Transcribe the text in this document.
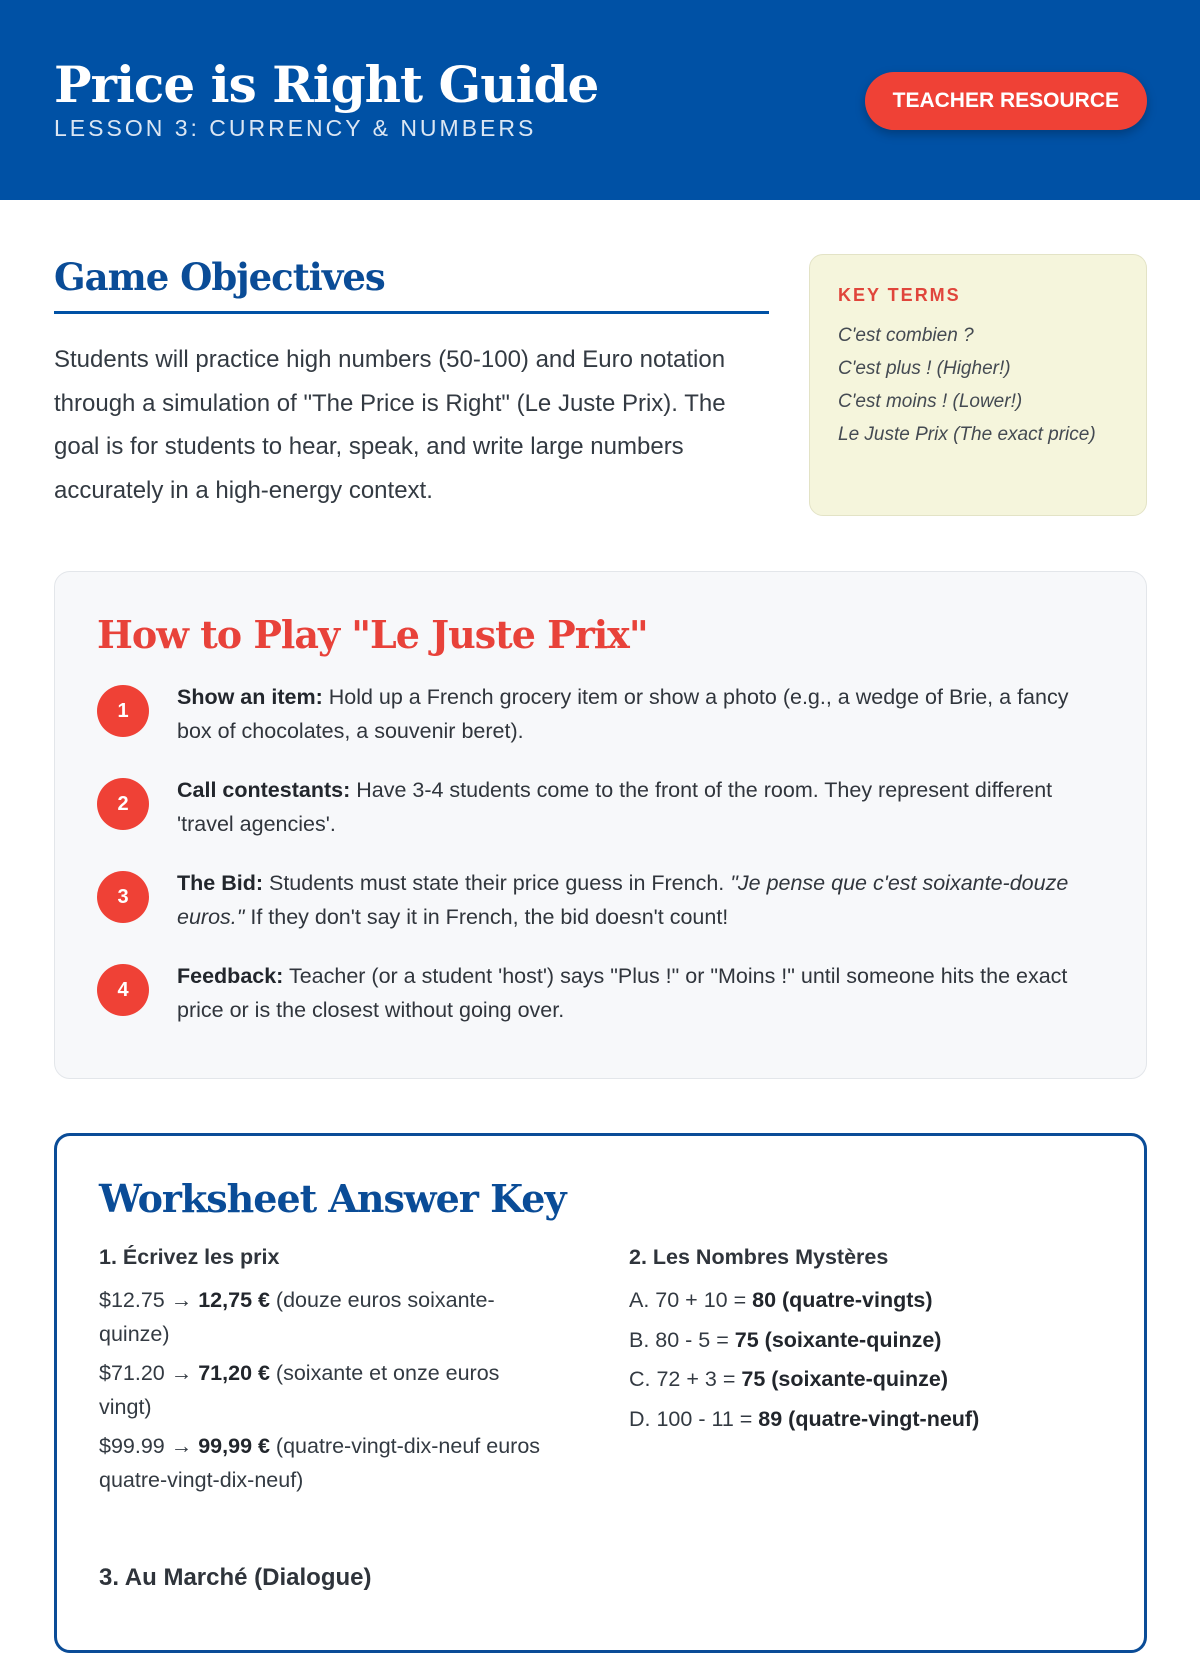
Price is Right Guide
LESSON 3: CURRENCY & NUMBERS
TEACHER RESOURCE
Game Objectives

Students will practice high numbers (50-100) and Euro notation through a simulation of "The Price is Right" (Le Juste Prix). The goal is for students to hear, speak, and write large numbers accurately in a high-energy context.

KEY TERMS
C'est combien ?
C'est plus ! (Higher!)
C'est moins ! (Lower!)
Le Juste Prix (The exact price)
How to Play "Le Juste Prix"
1
Show an item: Hold up a French grocery item or show a photo (e.g., a wedge of Brie, a fancy box of chocolates, a souvenir beret).
2
Call contestants: Have 3-4 students come to the front of the room. They represent different 'travel agencies'.
3
The Bid: Students must state their price guess in French. "Je pense que c'est soixante-douze euros." If they don't say it in French, the bid doesn't count!
4
Feedback: Teacher (or a student 'host') says "Plus !" or "Moins !" until someone hits the exact price or is the closest without going over.
Worksheet Answer Key
1. Écrivez les prix
$12.75 → 12,75 € (douze euros soixante-quinze)
$71.20 → 71,20 € (soixante et onze euros vingt)
$99.99 → 99,99 € (quatre-vingt-dix-neuf euros quatre-vingt-dix-neuf)
2. Les Nombres Mystères
A. 70 + 10 = 80 (quatre-vingts)
B. 80 - 5 = 75 (soixante-quinze)
C. 72 + 3 = 75 (soixante-quinze)
D. 100 - 11 = 89 (quatre-vingt-neuf)
3. Au Marché (Dialogue)
